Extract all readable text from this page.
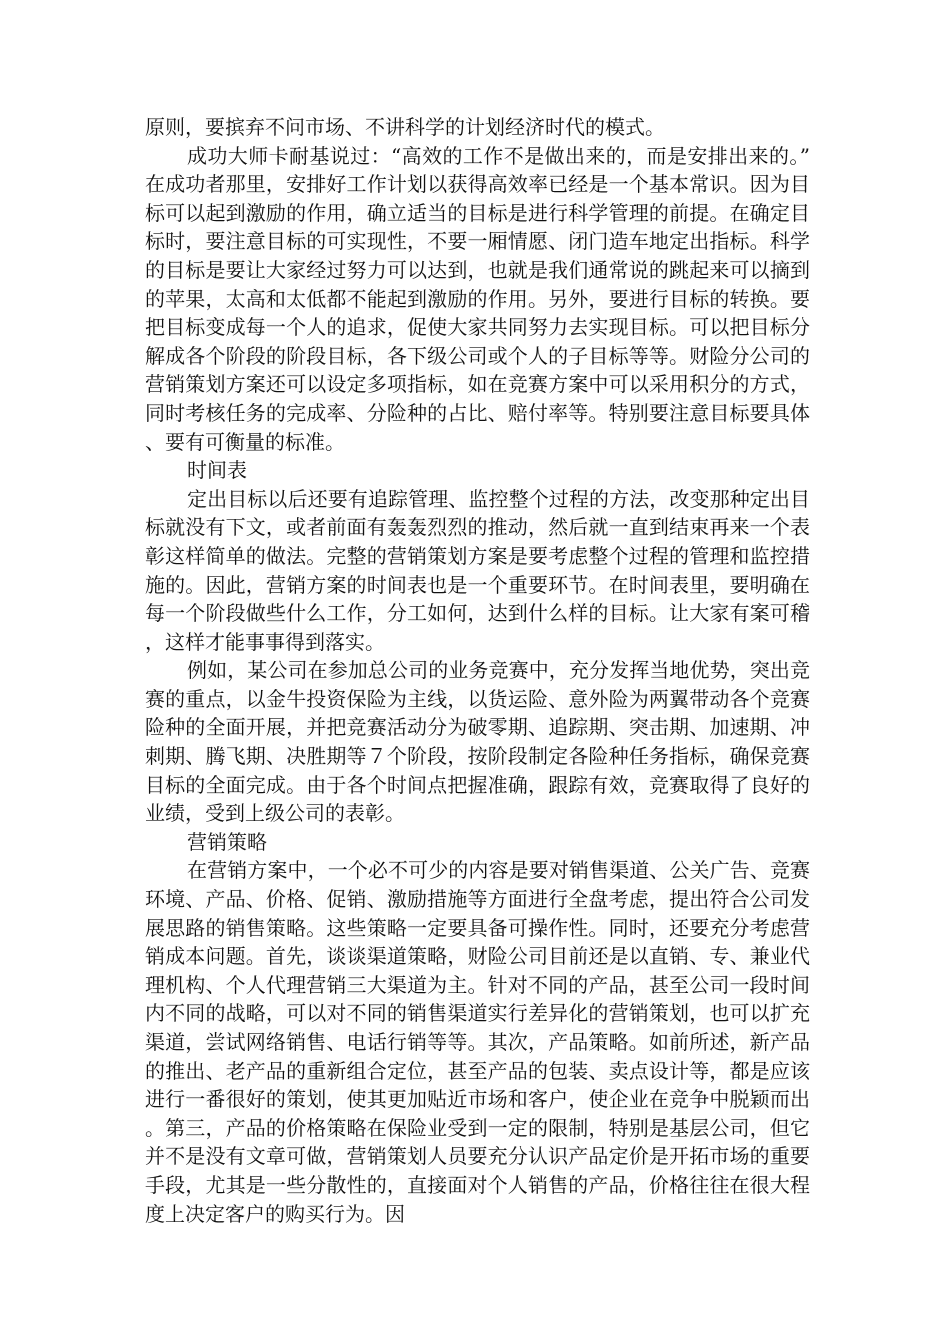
原则，要摈弃不问市场、不讲科学的计划经济时代的模式。

成功大师卡耐基说过：“高效的工作不是做出来的，而是安排出来的。”在成功者那里，安排好工作计划以获得高效率已经是一个基本常识。因为目标可以起到激励的作用，确立适当的目标是进行科学管理的前提。在确定目标时，要注意目标的可实现性，不要一厢情愿、闭门造车地定出指标。科学的目标是要让大家经过努力可以达到，也就是我们通常说的跳起来可以摘到的苹果，太高和太低都不能起到激励的作用。另外，要进行目标的转换。要把目标变成每一个人的追求，促使大家共同努力去实现目标。可以把目标分解成各个阶段的阶段目标，各下级公司或个人的子目标等等。财险分公司的营销策划方案还可以设定多项指标，如在竞赛方案中可以采用积分的方式，同时考核任务的完成率、分险种的占比、赔付率等。特别要注意目标要具体、要有可衡量的标准。

时间表

定出目标以后还要有追踪管理、监控整个过程的方法，改变那种定出目标就没有下文，或者前面有轰轰烈烈的推动，然后就一直到结束再来一个表彰这样简单的做法。完整的营销策划方案是要考虑整个过程的管理和监控措施的。因此，营销方案的时间表也是一个重要环节。在时间表里，要明确在每一个阶段做些什么工作，分工如何，达到什么样的目标。让大家有案可稽，这样才能事事得到落实。

例如，某公司在参加总公司的业务竞赛中，充分发挥当地优势，突出竞赛的重点，以金牛投资保险为主线，以货运险、意外险为两翼带动各个竞赛险种的全面开展，并把竞赛活动分为破零期、追踪期、突击期、加速期、冲刺期、腾飞期、决胜期等７个阶段，按阶段制定各险种任务指标，确保竞赛目标的全面完成。由于各个时间点把握准确，跟踪有效，竞赛取得了良好的业绩，受到上级公司的表彰。

营销策略

在营销方案中，一个必不可少的内容是要对销售渠道、公关广告、竞赛环境、产品、价格、促销、激励措施等方面进行全盘考虑，提出符合公司发展思路的销售策略。这些策略一定要具备可操作性。同时，还要充分考虑营销成本问题。首先，谈谈渠道策略，财险公司目前还是以直销、专、兼业代理机构、个人代理营销三大渠道为主。针对不同的产品，甚至公司一段时间内不同的战略，可以对不同的销售渠道实行差异化的营销策划，也可以扩充渠道，尝试网络销售、电话行销等等。其次，产品策略。如前所述，新产品的推出、老产品的重新组合定位，甚至产品的包装、卖点设计等，都是应该进行一番很好的策划，使其更加贴近市场和客户，使企业在竞争中脱颖而出。第三，产品的价格策略在保险业受到一定的限制，特别是基层公司，但它并不是没有文章可做，营销策划人员要充分认识产品定价是开拓市场的重要手段，尤其是一些分散性的，直接面对个人销售的产品，价格往往在很大程度上决定客户的购买行为。因
